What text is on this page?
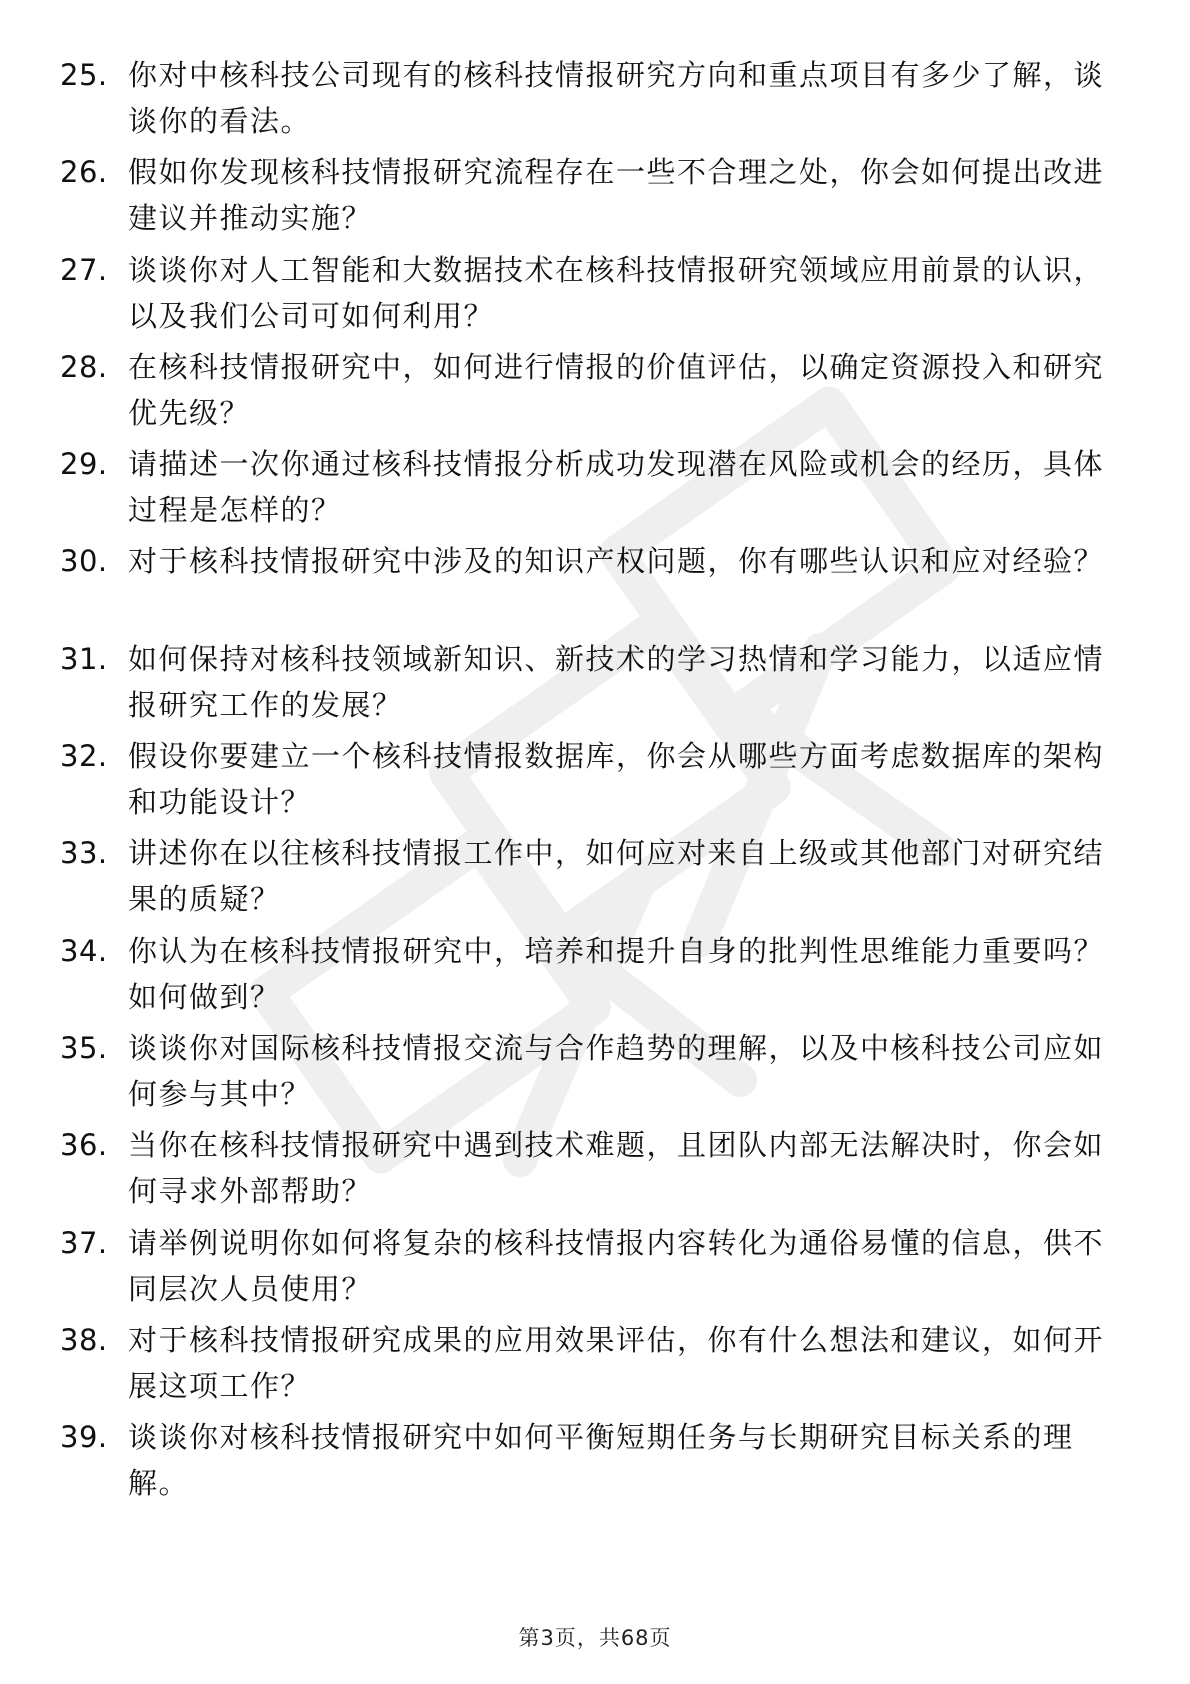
25. 你对中核科技公司现有的核科技情报研究方向和重点项目有多少了解，谈谈你的看法。
26. 假如你发现核科技情报研究流程存在一些不合理之处，你会如何提出改进建议并推动实施？
27. 谈谈你对人工智能和大数据技术在核科技情报研究领域应用前景的认识，以及我们公司可如何利用？
28. 在核科技情报研究中，如何进行情报的价值评估，以确定资源投入和研究优先级？
29. 请描述一次你通过核科技情报分析成功发现潜在风险或机会的经历，具体过程是怎样的？
30. 对于核科技情报研究中涉及的知识产权问题，你有哪些认识和应对经验？
31. 如何保持对核科技领域新知识、新技术的学习热情和学习能力，以适应情报研究工作的发展？
32. 假设你要建立一个核科技情报数据库，你会从哪些方面考虑数据库的架构和功能设计？
33. 讲述你在以往核科技情报工作中，如何应对来自上级或其他部门对研究结果的质疑？
34. 你认为在核科技情报研究中，培养和提升自身的批判性思维能力重要吗？如何做到？
35. 谈谈你对国际核科技情报交流与合作趋势的理解，以及中核科技公司应如何参与其中？
36. 当你在核科技情报研究中遇到技术难题，且团队内部无法解决时，你会如何寻求外部帮助？
37. 请举例说明你如何将复杂的核科技情报内容转化为通俗易懂的信息，供不同层次人员使用？
38. 对于核科技情报研究成果的应用效果评估，你有什么想法和建议，如何开展这项工作？
39. 谈谈你对核科技情报研究中如何平衡短期任务与长期研究目标关系的理解。
第3页，共68页
